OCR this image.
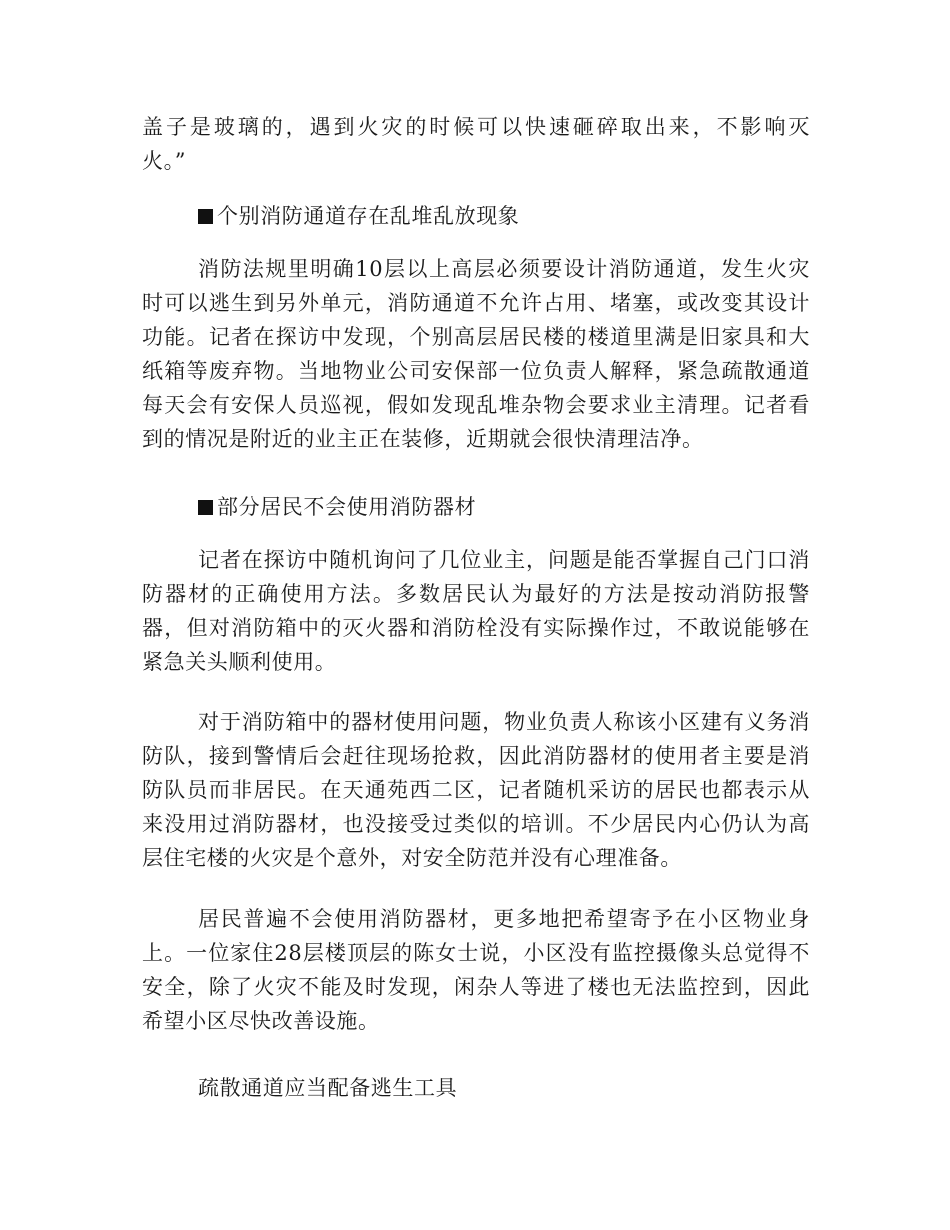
盖子是玻璃的，遇到火灾的时候可以快速砸碎取出来，不影响灭
火。”
个别消防通道存在乱堆乱放现象
消防法规里明确10层以上高层必须要设计消防通道，发生火灾
时可以逃生到另外单元，消防通道不允许占用、堵塞，或改变其设计
功能。记者在探访中发现，个别高层居民楼的楼道里满是旧家具和大
纸箱等废弃物。当地物业公司安保部一位负责人解释，紧急疏散通道
每天会有安保人员巡视，假如发现乱堆杂物会要求业主清理。记者看
到的情况是附近的业主正在装修，近期就会很快清理洁净。
部分居民不会使用消防器材
记者在探访中随机询问了几位业主，问题是能否掌握自己门口消
防器材的正确使用方法。多数居民认为最好的方法是按动消防报警
器，但对消防箱中的灭火器和消防栓没有实际操作过，不敢说能够在
紧急关头顺利使用。
对于消防箱中的器材使用问题，物业负责人称该小区建有义务消
防队，接到警情后会赶往现场抢救，因此消防器材的使用者主要是消
防队员而非居民。在天通苑西二区，记者随机采访的居民也都表示从
来没用过消防器材，也没接受过类似的培训。不少居民内心仍认为高
层住宅楼的火灾是个意外，对安全防范并没有心理准备。
居民普遍不会使用消防器材，更多地把希望寄予在小区物业身
上。一位家住28层楼顶层的陈女士说，小区没有监控摄像头总觉得不
安全，除了火灾不能及时发现，闲杂人等进了楼也无法监控到，因此
希望小区尽快改善设施。
疏散通道应当配备逃生工具
